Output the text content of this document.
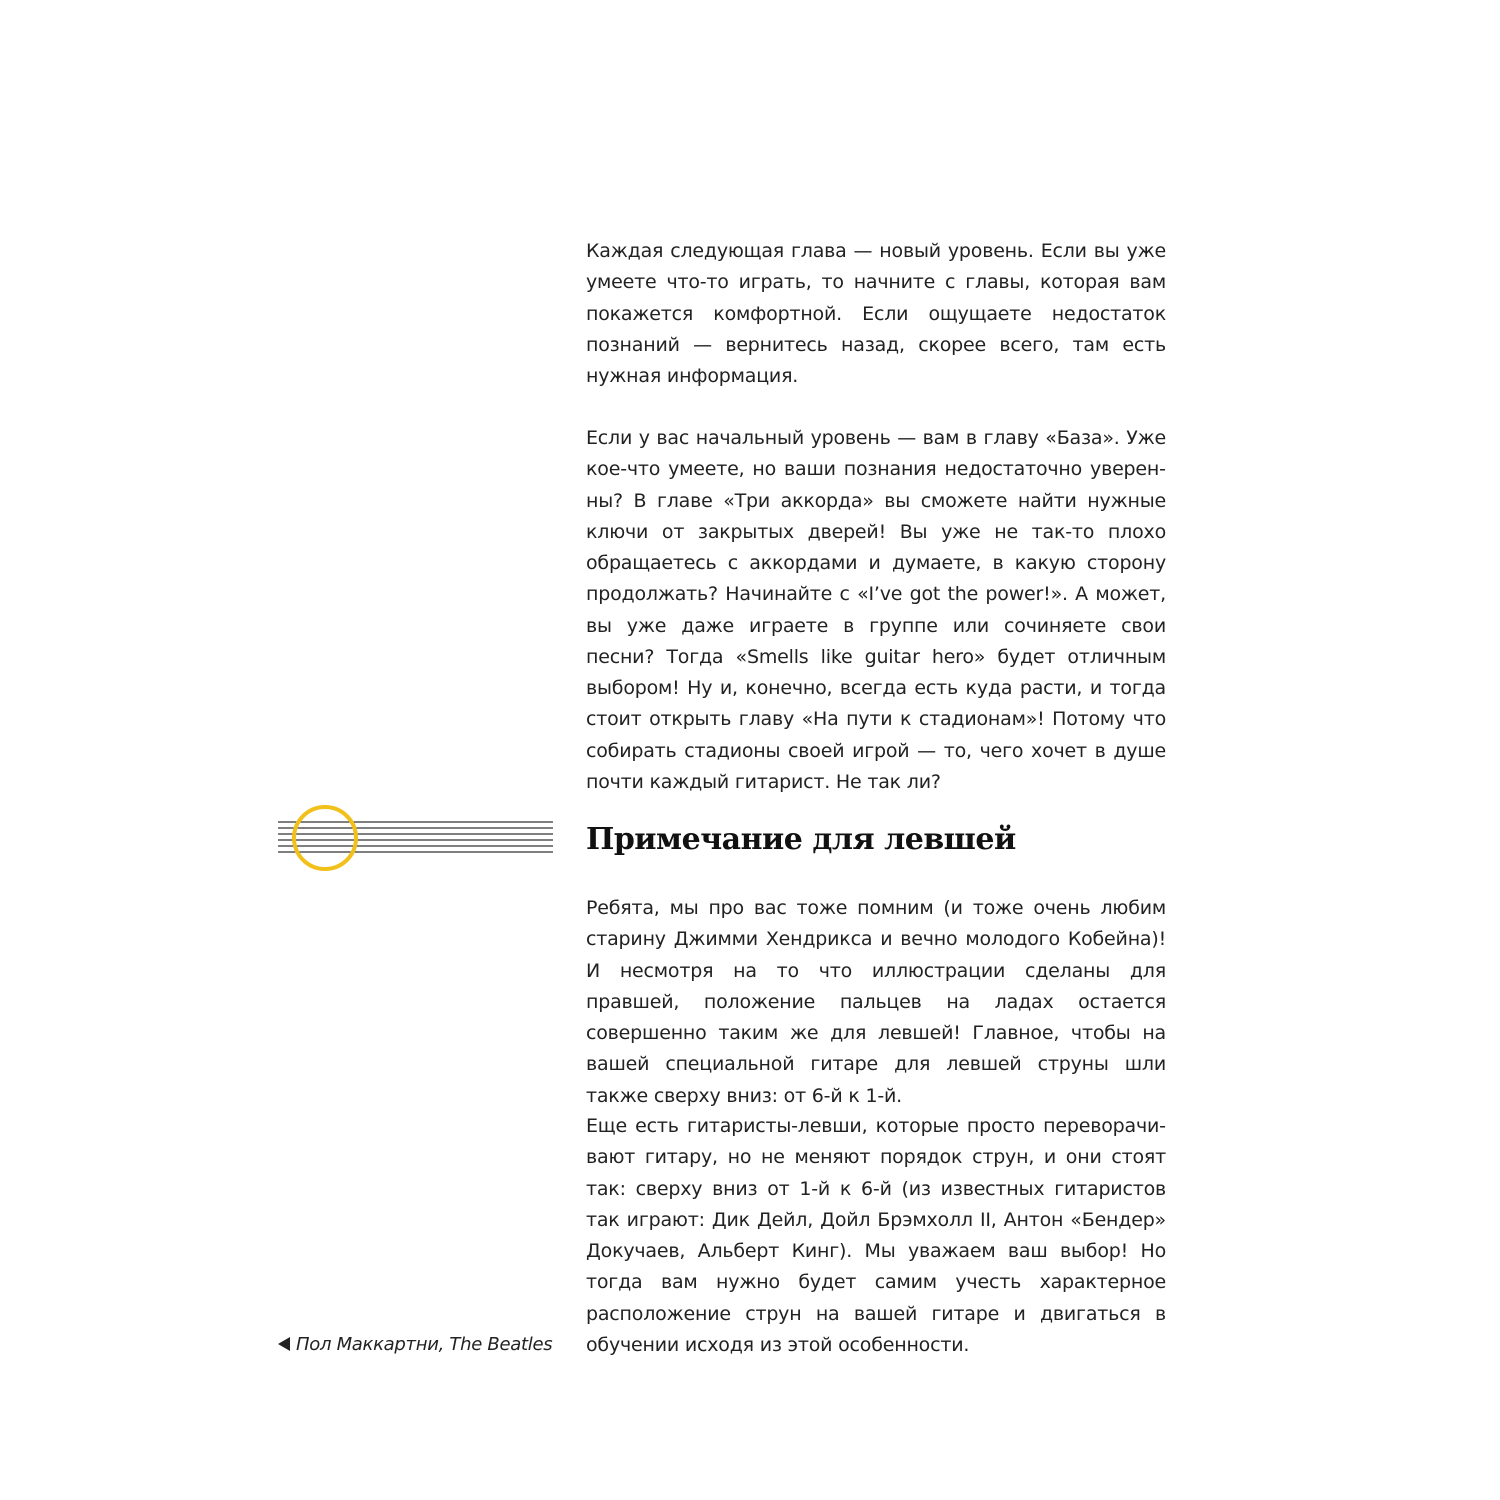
Каждая следующая глава — новый уровень. Если вы уже умеете что-то играть, то начните с главы, которая вам покажется комфортной. Если ощущаете недостаток познаний — вернитесь назад, скорее всего, там есть нужная информация.

Если у вас начальный уровень — вам в главу «База». Уже кое-что умеете, но ваши познания недостаточно уверенны? В главе «Три аккорда» вы сможете найти нужные ключи от закрытых дверей! Вы уже не так-то плохо обращаетесь с аккордами и думаете, в какую сторону продолжать? Начинайте с «I’ve got the power!». А может, вы уже даже играете в группе или сочиняете свои песни? Тогда «Smells like guitar hero» будет отличным выбором! Ну и, конечно, всегда есть куда расти, и тогда стоит открыть главу «На пути к стадионам»! Потому что собирать стадионы своей игрой — то, чего хочет в душе почти каждый гитарист. Не так ли?

Примечание для левшей

Ребята, мы про вас тоже помним (и тоже очень любим старину Джимми Хендрикса и вечно молодого Кобейна)! И несмотря на то что иллюстрации сделаны для правшей, положение пальцев на ладах остается совершенно таким же для левшей! Главное, чтобы на вашей специальной гитаре для левшей струны шли также сверху вниз: от 6-й к 1-й.

Еще есть гитаристы-левши, которые просто переворачивают гитару, но не меняют порядок струн, и они стоят так: сверху вниз от 1-й к 6-й (из известных гитаристов так играют: Дик Дейл, Дойл Брэмхолл II, Антон «Бендер» Докучаев, Альберт Кинг). Мы уважаем ваш выбор! Но тогда вам нужно будет самим учесть характерное расположение струн на вашей гитаре и двигаться в обучении исходя из этой особенности.

Пол Маккартни, The Beatles
